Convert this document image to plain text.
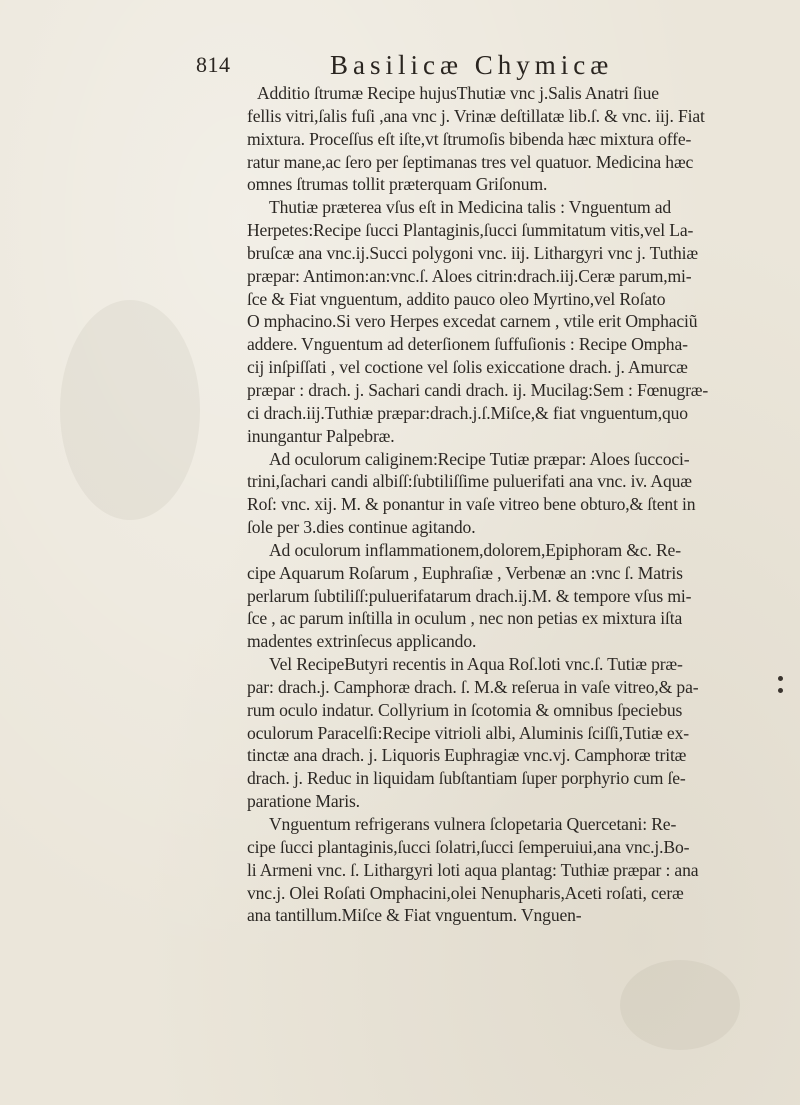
814	Basilicæ Chymicæ
Additio ſtrumæ Recipe hujusThutiæ vnc j.Salis Anatri ſiue
fellis vitri,ſalis fuſi ,ana vnc j. Vrinæ deſtillatæ lib.ſ. & vnc. iij. Fiat
mixtura. Proceſſus eſt iſte,vt ſtrumoſis bibenda hæc mixtura offe-
ratur mane,ac ſero per ſeptimanas tres vel quatuor. Medicina hæc
omnes ſtrumas tollit præterquam Griſonum.
Thutiæ præterea vſus eſt in Medicina talis : Vnguentum ad
Herpetes:Recipe ſucci Plantaginis,ſucci ſummitatum vitis,vel La-
bruſcæ ana vnc.ij.Succi polygoni vnc. iij. Lithargyri vnc j. Tuthiæ
præpar: Antimon:an:vnc.ſ. Aloes citrin:drach.iij.Ceræ parum,mi-
ſce & Fiat vnguentum, addito pauco oleo Myrtino,vel Roſato
O mphacino.Si vero Herpes excedat carnem , vtile erit Omphaciũ
addere. Vnguentum ad deterſionem ſuffuſionis : Recipe Ompha-
cij inſpiſſati , vel coctione vel ſolis exiccatione drach. j. Amurcæ
præpar : drach. j. Sachari candi drach. ij. Mucilag:Sem : Fœnugræ-
ci drach.iij.Tuthiæ præpar:drach.j.ſ.Miſce,& fiat vnguentum,quo
inungantur Palpebræ.
Ad oculorum caliginem:Recipe Tutiæ præpar: Aloes ſuccoci-
trini,ſachari candi albiſſ:ſubtiliſſime puluerifati ana vnc. iv. Aquæ
Roſ: vnc. xij. M. & ponantur in vaſe vitreo bene obturo,& ſtent in
ſole per 3.dies continue agitando.
Ad oculorum inflammationem,dolorem,Epiphoram &c. Re-
cipe Aquarum Roſarum , Euphraſiæ , Verbenæ an :vnc ſ. Matris
perlarum ſubtiliſſ:puluerifatarum drach.ij.M. & tempore vſus mi-
ſce , ac parum inſtilla in oculum , nec non petias ex mixtura iſta
madentes extrinſecus applicando.
Vel RecipeButyri recentis in Aqua Roſ.loti vnc.ſ. Tutiæ præ-
par: drach.j. Camphoræ drach. ſ. M.& reſerua in vaſe vitreo,& pa-
rum oculo indatur. Collyrium in ſcotomia & omnibus ſpeciebus
oculorum Paracelſi:Recipe vitrioli albi, Aluminis ſciſſi,Tutiæ ex-
tinctæ ana drach. j. Liquoris Euphragiæ vnc.vj. Camphoræ tritæ
drach. j. Reduc in liquidam ſubſtantiam ſuper porphyrio cum ſe-
paratione Maris.
Vnguentum refrigerans vulnera ſclopetaria Quercetani: Re-
cipe ſucci plantaginis,ſucci ſolatri,ſucci ſemperuiui,ana vnc.j.Bo-
li Armeni vnc. ſ. Lithargyri loti aqua plantag: Tuthiæ præpar : ana
vnc.j. Olei Roſati Omphacini,olei Nenupharis,Aceti roſati, ceræ
ana tantillum.Miſce & Fiat vnguentum. Vnguen-
